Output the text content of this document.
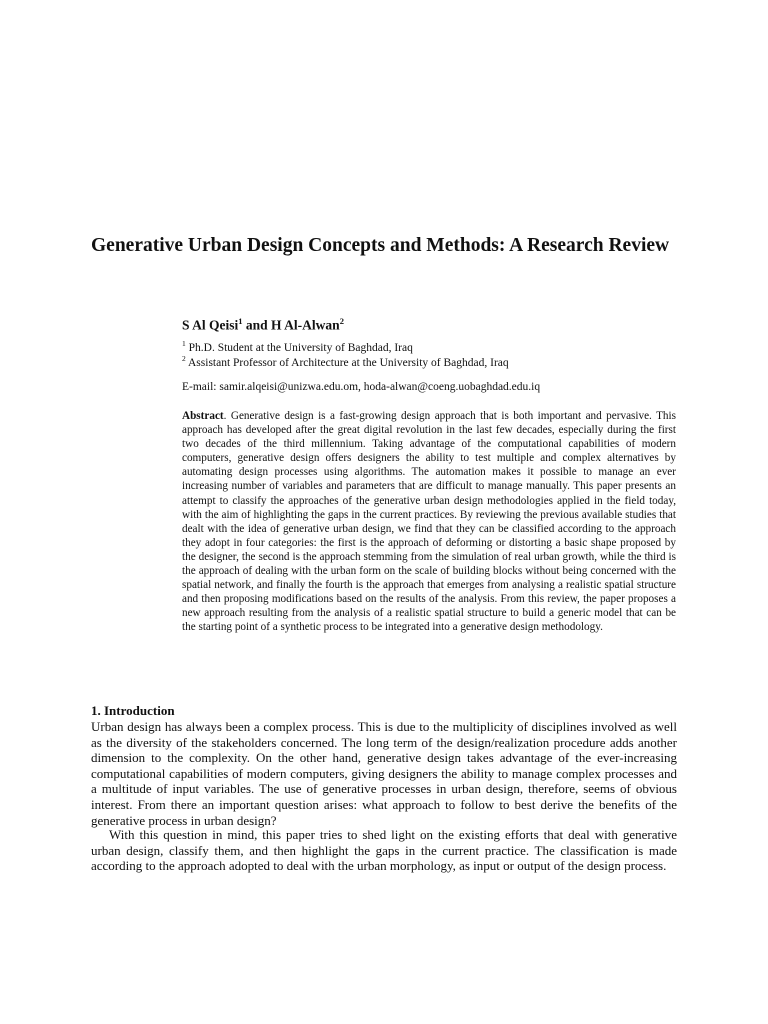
Generative Urban Design Concepts and Methods: A Research Review

S Al Qeisi$^1$ and H Al-Alwan$^2$

$^1$ Ph.D. Student at the University of Baghdad, Iraq

$^2$ Assistant Professor of Architecture at the University of Baghdad, Iraq

E-mail: samir.alqeisi@unizwa.edu.om, hoda-alwan@coeng.uobaghdad.edu.iq

Abstract. Generative design is a fast-growing design approach that is both important and pervasive. This approach has developed after the great digital revolution in the last few decades, especially during the first two decades of the third millennium. Taking advantage of the computational capabilities of modern computers, generative design offers designers the ability to test multiple and complex alternatives by automating design processes using algorithms. The automation makes it possible to manage an ever increasing number of variables and parameters that are difficult to manage manually. This paper presents an attempt to classify the approaches of the generative urban design methodologies applied in the field today, with the aim of highlighting the gaps in the current practices. By reviewing the previous available studies that dealt with the idea of generative urban design, we find that they can be classified according to the approach they adopt in four categories: the first is the approach of deforming or distorting a basic shape proposed by the designer, the second is the approach stemming from the simulation of real urban growth, while the third is the approach of dealing with the urban form on the scale of building blocks without being concerned with the spatial network, and finally the fourth is the approach that emerges from analysing a realistic spatial structure and then proposing modifications based on the results of the analysis. From this review, the paper proposes a new approach resulting from the analysis of a realistic spatial structure to build a generic model that can be the starting point of a synthetic process to be integrated into a generative design methodology.

1. Introduction

Urban design has always been a complex process. This is due to the multiplicity of disciplines involved as well as the diversity of the stakeholders concerned. The long term of the design/realization procedure adds another dimension to the complexity. On the other hand, generative design takes advantage of the ever-increasing computational capabilities of modern computers, giving designers the ability to manage complex processes and a multitude of input variables. The use of generative processes in urban design, therefore, seems of obvious interest. From there an important question arises: what approach to follow to best derive the benefits of the generative process in urban design?

With this question in mind, this paper tries to shed light on the existing efforts that deal with generative urban design, classify them, and then highlight the gaps in the current practice. The classification is made according to the approach adopted to deal with the urban morphology, as input or output of the design process.
